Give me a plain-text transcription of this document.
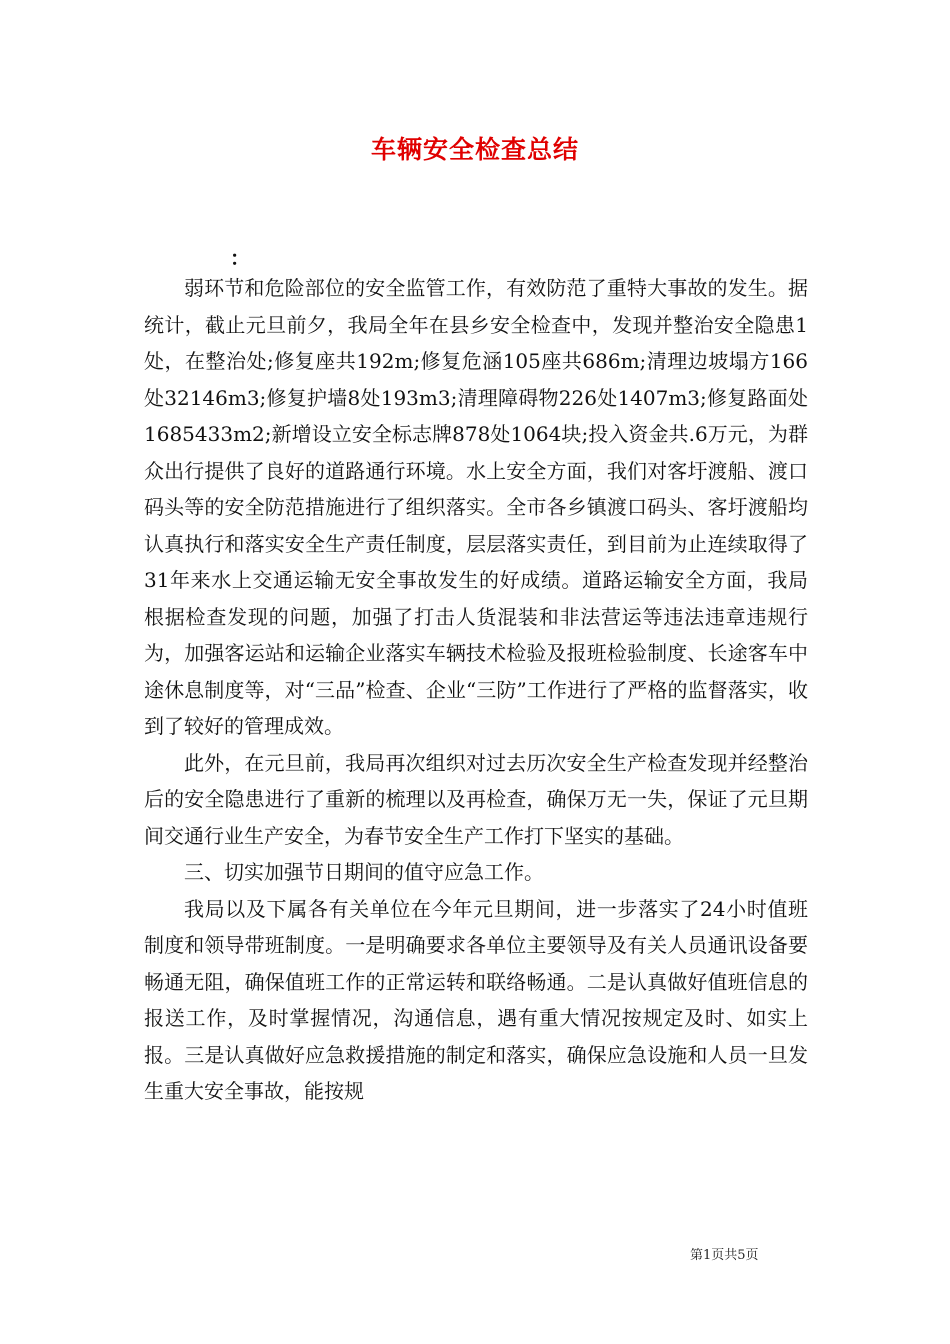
车辆安全检查总结
：

弱环节和危险部位的安全监管工作，有效防范了重特大事故的发生。据统计，截止元旦前夕，我局全年在县乡安全检查中，发现并整治安全隐患1处，在整治处;修复座共192m;修复危涵105座共686m;清理边坡塌方166处32146m3;修复护墙8处193m3;清理障碍物226处1407m3;修复路面处1685433m2;新增设立安全标志牌878处1064块;投入资金共.6万元，为群众出行提供了良好的道路通行环境。水上安全方面，我们对客圩渡船、渡口码头等的安全防范措施进行了组织落实。全市各乡镇渡口码头、客圩渡船均认真执行和落实安全生产责任制度，层层落实责任，到目前为止连续取得了31年来水上交通运输无安全事故发生的好成绩。道路运输安全方面，我局根据检查发现的问题，加强了打击人货混装和非法营运等违法违章违规行为，加强客运站和运输企业落实车辆技术检验及报班检验制度、长途客车中途休息制度等，对“三品”检查、企业“三防”工作进行了严格的监督落实，收到了较好的管理成效。

此外，在元旦前，我局再次组织对过去历次安全生产检查发现并经整治后的安全隐患进行了重新的梳理以及再检查，确保万无一失，保证了元旦期间交通行业生产安全，为春节安全生产工作打下坚实的基础。

三、切实加强节日期间的值守应急工作。

我局以及下属各有关单位在今年元旦期间，进一步落实了24小时值班制度和领导带班制度。一是明确要求各单位主要领导及有关人员通讯设备要畅通无阻，确保值班工作的正常运转和联络畅通。二是认真做好值班信息的报送工作，及时掌握情况，沟通信息，遇有重大情况按规定及时、如实上报。三是认真做好应急救援措施的制定和落实，确保应急设施和人员一旦发生重大安全事故，能按规

第1页共5页
